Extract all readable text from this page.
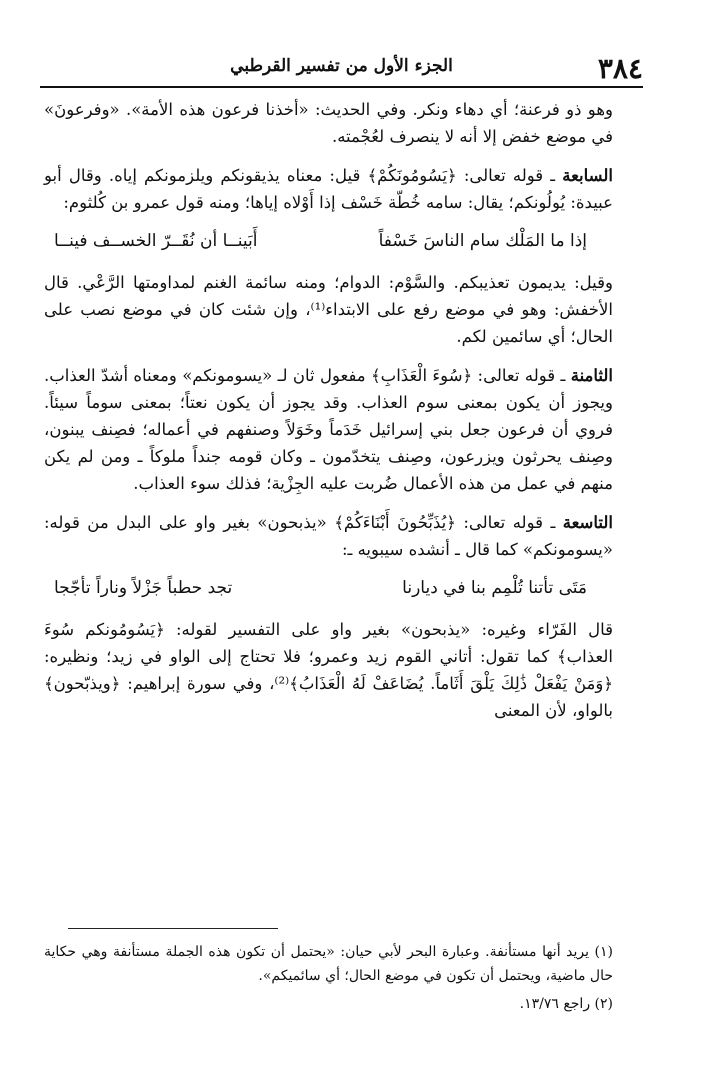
٣٨٤
الجزء الأول من تفسير القرطبي

وهو ذو فرعنة؛ أي دهاء ونكر. وفي الحديث: «أخذنا فرعون هذه الأمة». «وفرعونَ» في موضع خفض إلا أنه لا ينصرف لعُجْمته.

السابعة ـ قوله تعالى: ﴿يَسُومُونَكُمْ﴾ قيل: معناه يذيقونكم ويلزمونكم إياه. وقال أبو عبيدة: يُولُونكم؛ يقال: سامه خُطّة خَسْف إذا أَوْلاه إياها؛ ومنه قول عمرو بن كُلثوم:

إذا ما المَلْك سام الناسَ خَسْفاً
أَبَينــا أن نُقَــرّ الخســف فينــا

وقيل: يديمون تعذيبكم. والسَّوْم: الدوام؛ ومنه سائمة الغنم لمداومتها الرَّعْي. قال الأخفش: وهو في موضع رفع على الابتداء⁽¹⁾، وإن شئت كان في موضع نصب على الحال؛ أي سائمين لكم.

الثامنة ـ قوله تعالى: ﴿سُوءَ الْعَذَابِ﴾ مفعول ثان لـ «يسومونكم» ومعناه أشدّ العذاب. ويجوز أن يكون بمعنى سوم العذاب. وقد يجوز أن يكون نعتاً؛ بمعنى سوماً سيئاً. فروي أن فرعون جعل بني إسرائيل خَدَماً وخَوَلاً وصنفهم في أعماله؛ فصِنف يبنون، وصِنف يحرثون ويزرعون، وصِنف يتخدّمون ـ وكان قومه جنداً ملوكاً ـ ومن لم يكن منهم في عمل من هذه الأعمال ضُربت عليه الجِزْية؛ فذلك سوء العذاب.

التاسعة ـ قوله تعالى: ﴿يُذَبِّحُونَ أَبْنَاءَكُمْ﴾ «يذبحون» بغير واو على البدل من قوله: «يسومونكم» كما قال ـ أنشده سيبويه ـ:

مَتَى تأتنا تُلْمِم بنا في ديارنا
تجد حطباً جَزْلاً وناراً تأجّجا

قال الفَرّاء وغيره: «يذبحون» بغير واو على التفسير لقوله: ﴿يَسُومُونكم سُوءَ العذاب﴾ كما تقول: أتاني القوم زيد وعمرو؛ فلا تحتاج إلى الواو في زيد؛ ونظيره: ﴿وَمَنْ يَفْعَلْ ذَٰلِكَ يَلْقَ أَثَاماً. يُضَاعَفْ لَهُ الْعَذَابُ﴾⁽²⁾، وفي سورة إبراهيم: ﴿ويذبّحون﴾ بالواو، لأن المعنى

(١) يريد أنها مستأنفة. وعبارة البحر لأبي حيان: «يحتمل أن تكون هذه الجملة مستأنفة وهي حكاية حال ماضية، ويحتمل أن تكون في موضع الحال؛ أي سائميكم».

(٢) راجع ١٣/٧٦.
